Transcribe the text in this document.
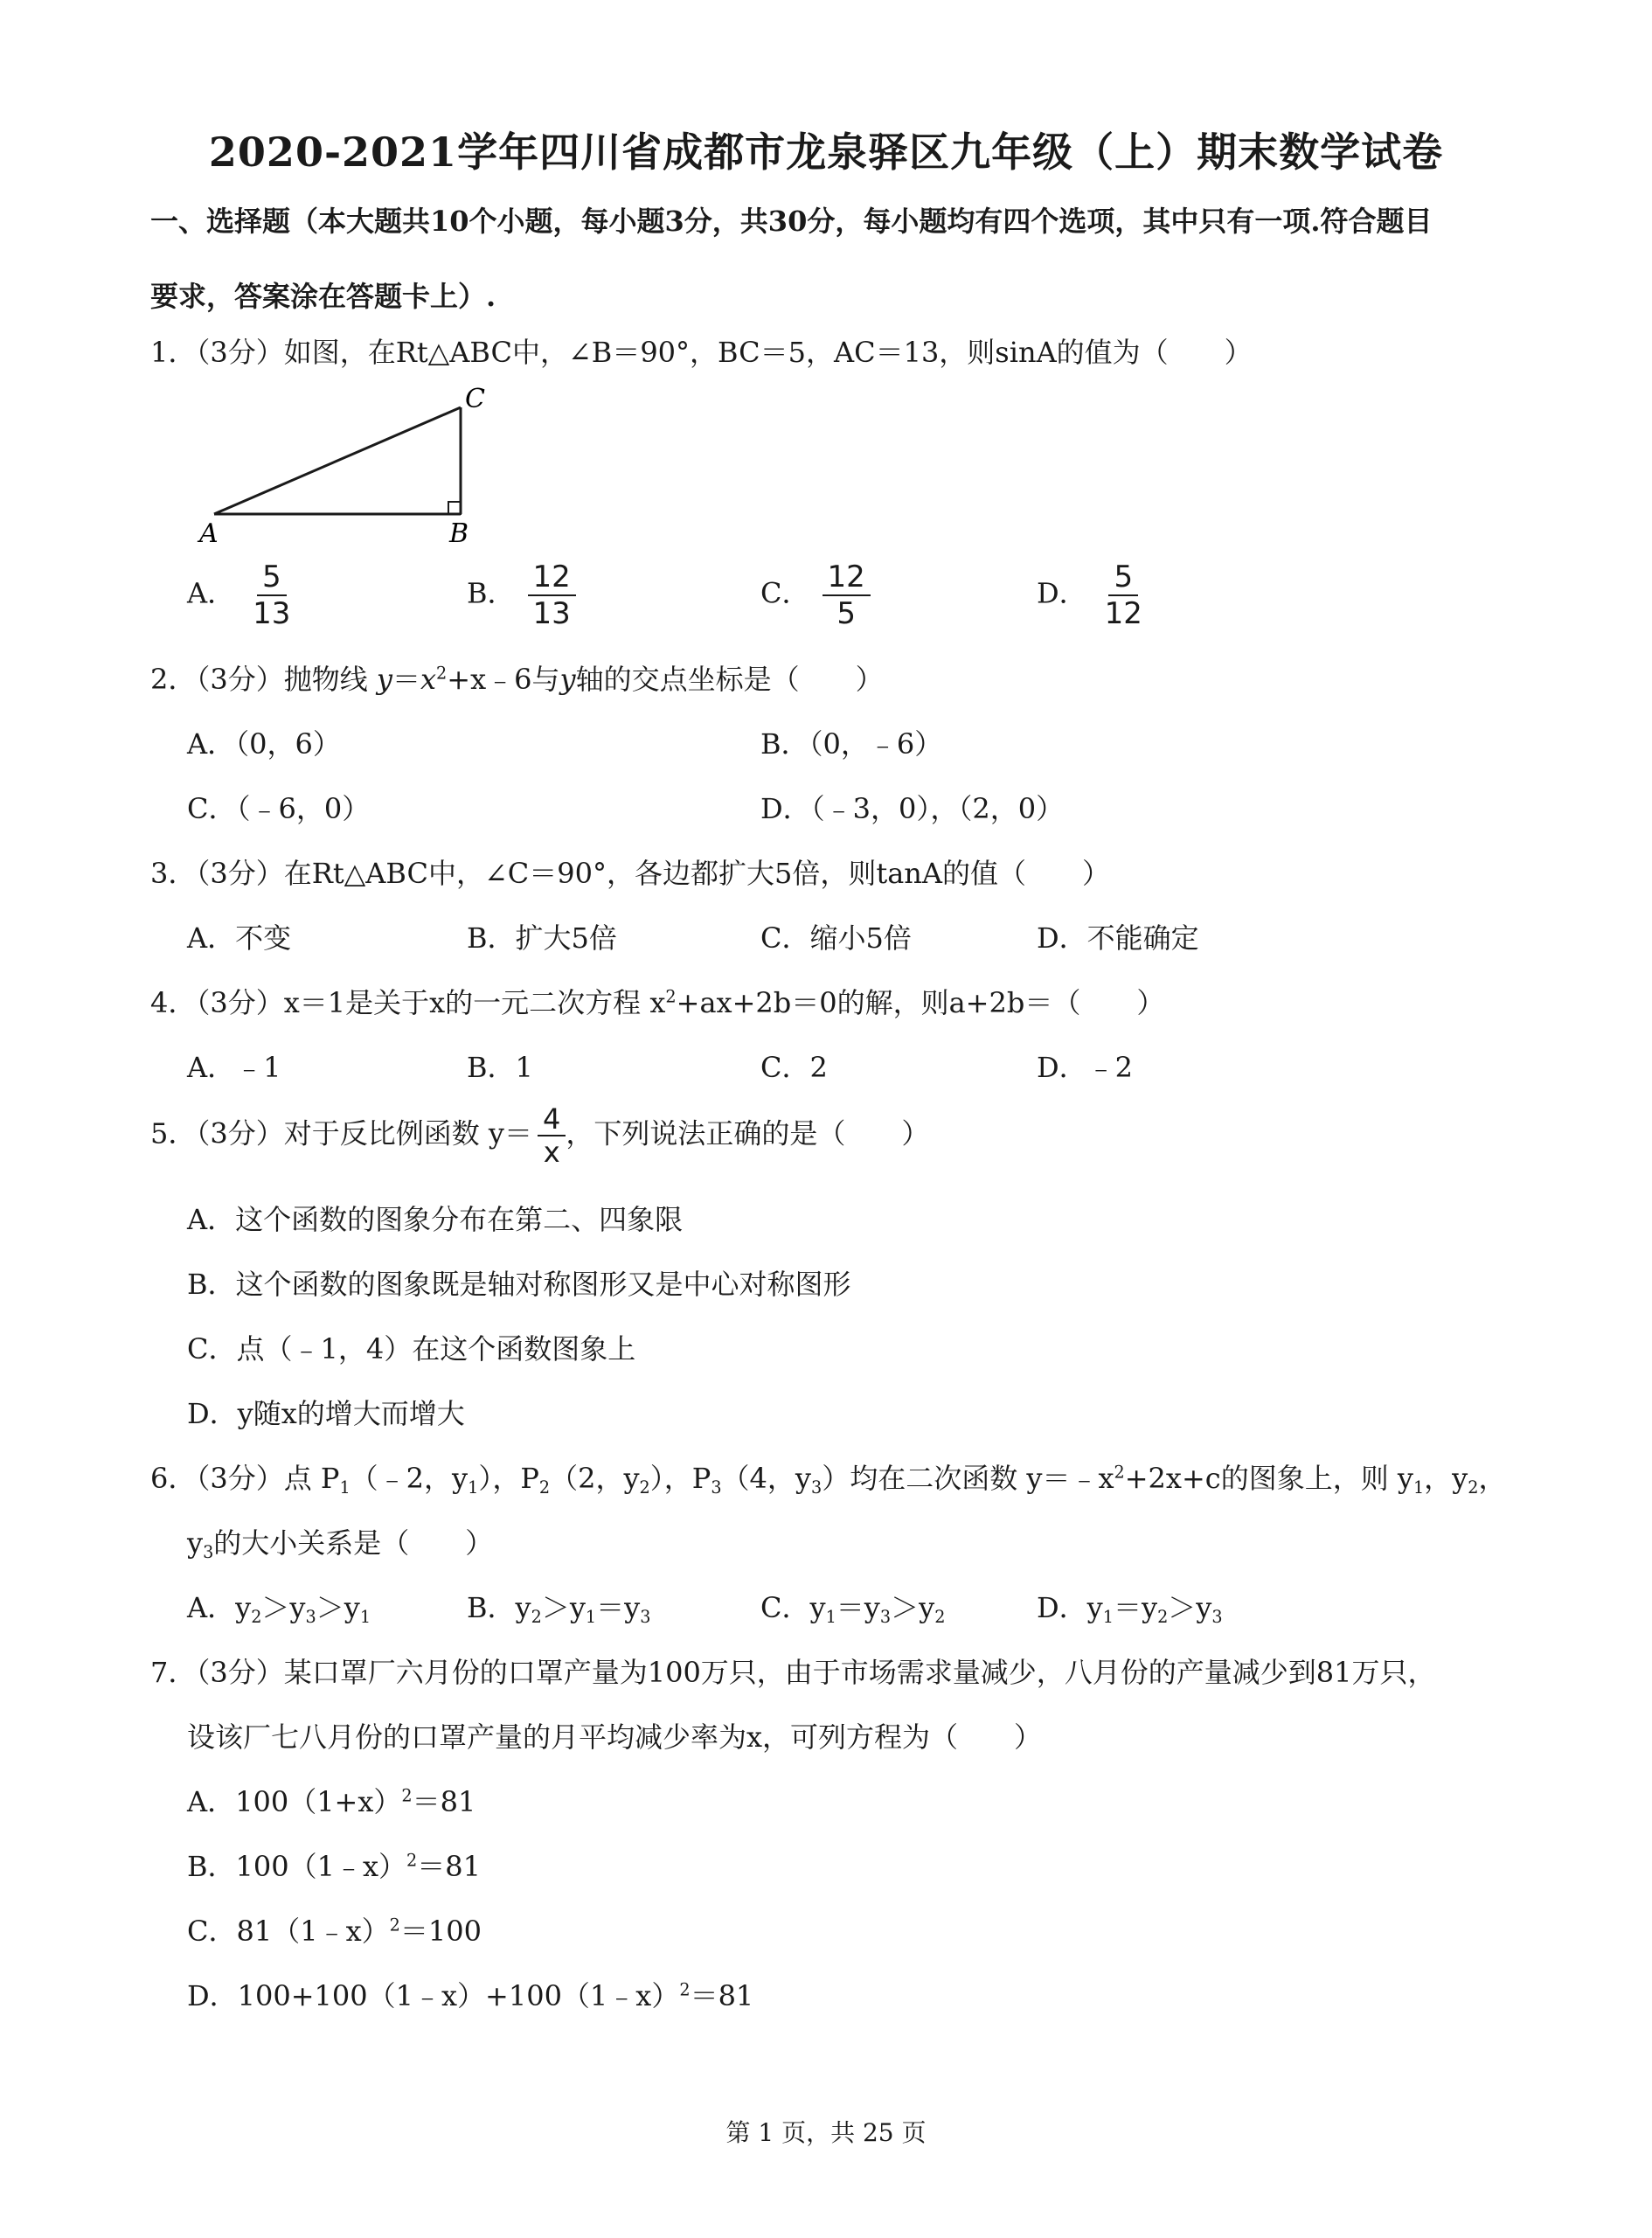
2020-2021学年四川省成都市龙泉驿区九年级（上）期末数学试卷
一、选择题（本大题共10个小题，每小题3分，共30分，每小题均有四个选项，其中只有一项.符合题目
要求，答案涂在答题卡上）.
1．（3分）如图，在Rt△ABC中，∠B＝90°，BC＝5，AC＝13，则sinA的值为（　　）
A	B
C
A． $\frac{5}{13}$	B． $\frac{12}{13}$	C． $\frac{12}{5}$	D． $\frac{5}{12}$
2．（3分）抛物线 $y=x^2+x﹣6$与y轴的交点坐标是（　　）
A．（0，6）	B．（0，﹣6）
C．（﹣6，0）	D．（﹣3，0），（2，0）
3．（3分）在Rt△ABC中，∠C＝90°，各边都扩大5倍，则tanA的值（　　）
A．不变	B．扩大5倍	C．缩小5倍	D．不能确定
4．（3分）x＝1是关于x的一元二次方程 $x^2+ax+2b=0$的解，则a+2b＝（　　）
A．﹣1	B．1	C．2	D．﹣2
5．（3分）对于反比例函数 $y= \frac{4}{x}$ ，下列说法正确的是（　　）
A．这个函数的图象分布在第二、四象限
B．这个函数的图象既是轴对称图形又是中心对称图形
C．点（﹣1，4）在这个函数图象上
D．y随x的增大而增大
6．（3分）点 $P_1(﹣2$，$y_1$），$P_2(2$，$y_2$），$P_3(4$，$y_3$）均在二次函数 $y=﹣x^2+2x+c$的图象上，则 $y_1$，$y_2$，
$y_3$的大小关系是（　　）
A．$y_2>y_3>y_1$	B．$y_2>y_1=y_3$	C．$y_1=y_3>y_2$	D．$y_1=y_2>y_3$
7．（3分）某口罩厂六月份的口罩产量为100万只，由于市场需求量减少，八月份的产量减少到81万只，
设该厂七八月份的口罩产量的月平均减少率为x，可列方程为（　　）
A．$100(1+x)^2=81$
B．100（1﹣x）$^2$＝81
C．81（1﹣x）$^2$＝100
D．100+100（1﹣x）+100（1﹣x）$^2$＝81
第 1 页，共 25 页
